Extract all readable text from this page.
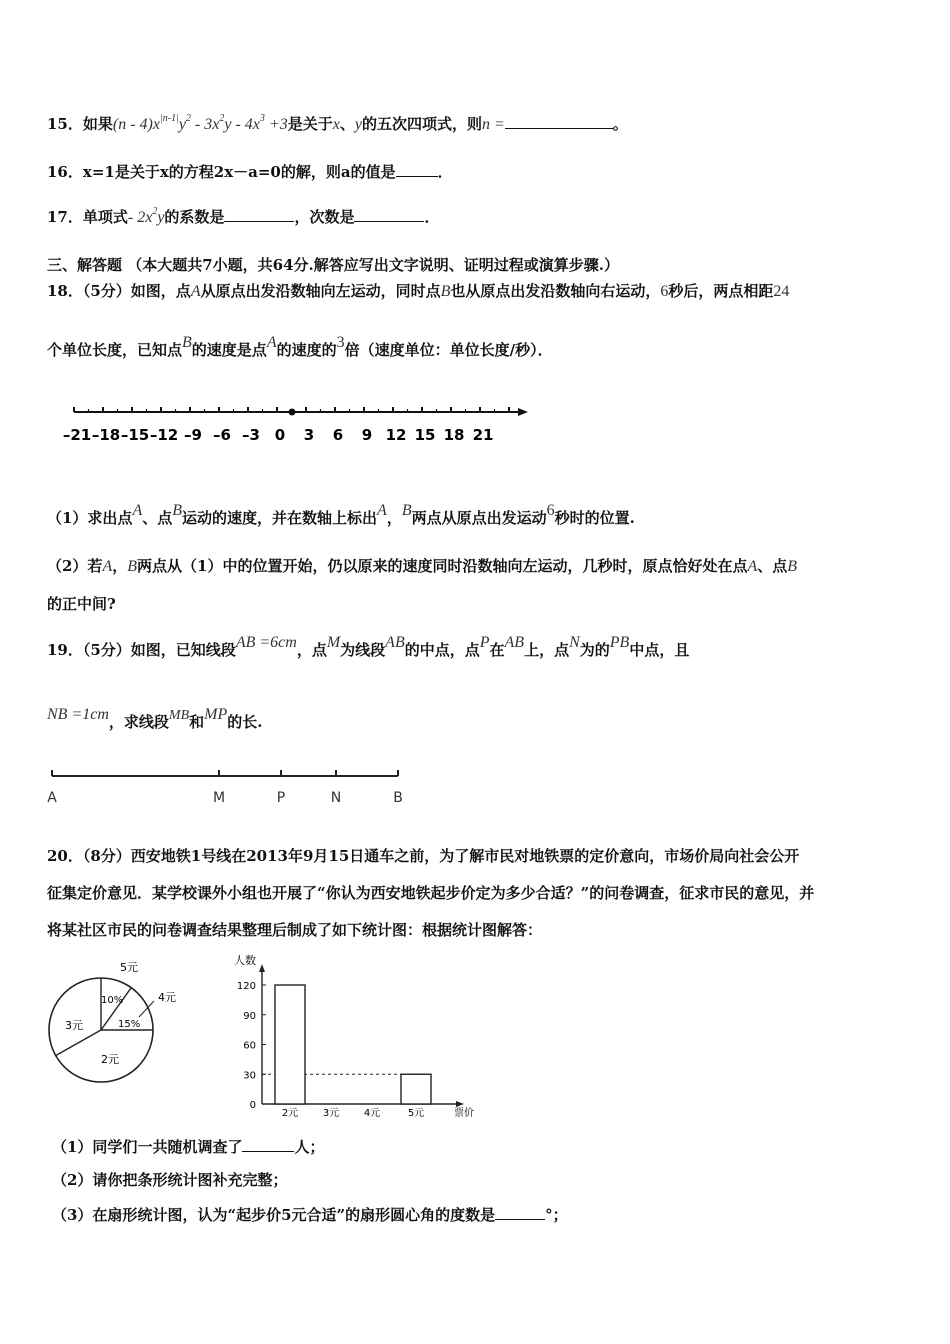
15．如果$(n - 4)x^{|n-1|}y^2 - 3x^2y - 4x^3 +3$是关于x、y的五次四项式，则n =	。
16．x=1是关于x的方程2x－a=0的解，则a的值是	．
17．单项式- $2x^2y$的系数是	，次数是	．
三、解答题 （本大题共7小题，共64分.解答应写出文字说明、证明过程或演算步骤.）
18．（5分）如图，点A从原点出发沿数轴向左运动，同时点B也从原点出发沿数轴向右运动，6秒后，两点相距24
个单位长度，已知点B的速度是点A的速度的3倍（速度单位：单位长度/秒）．
–21 –18 –15 –12 –9 –6 –3 0 3 6 9 12 15 18 21
（1）求出点A、点B运动的速度，并在数轴上标出A，B两点从原点出发运动6秒时的位置.
（2）若A，B两点从（1）中的位置开始，仍以原来的速度同时沿数轴向左运动，几秒时，原点恰好处在点A、点B
的正中间?
19．（5分）如图，已知线段AB =6cm，点M为线段AB的中点，点P在AB上，点N为的PB中点，且
NB =1cm，求线段MB和MP的长.
A	M	P	N	B
20．（8分）西安地铁1号线在2013年9月15日通车之前，为了解市民对地铁票的定价意向，市场价局向社会公开
征集定价意见．某学校课外小组也开展了“你认为西安地铁起步价定为多少合适？”的问卷调查，征求市民的意见，并
将某社区市民的问卷调查结果整理后制成了如下统计图：根据统计图解答：
5元
10%	4元
15%
2元
3元
人数
票价
0
30
60
90
120
2元 3元 4元	5元
（1）同学们一共随机调查了	人；
（2）请你把条形统计图补充完整；
（3）在扇形统计图，认为“起步价5元合适”的扇形圆心角的度数是	°；
